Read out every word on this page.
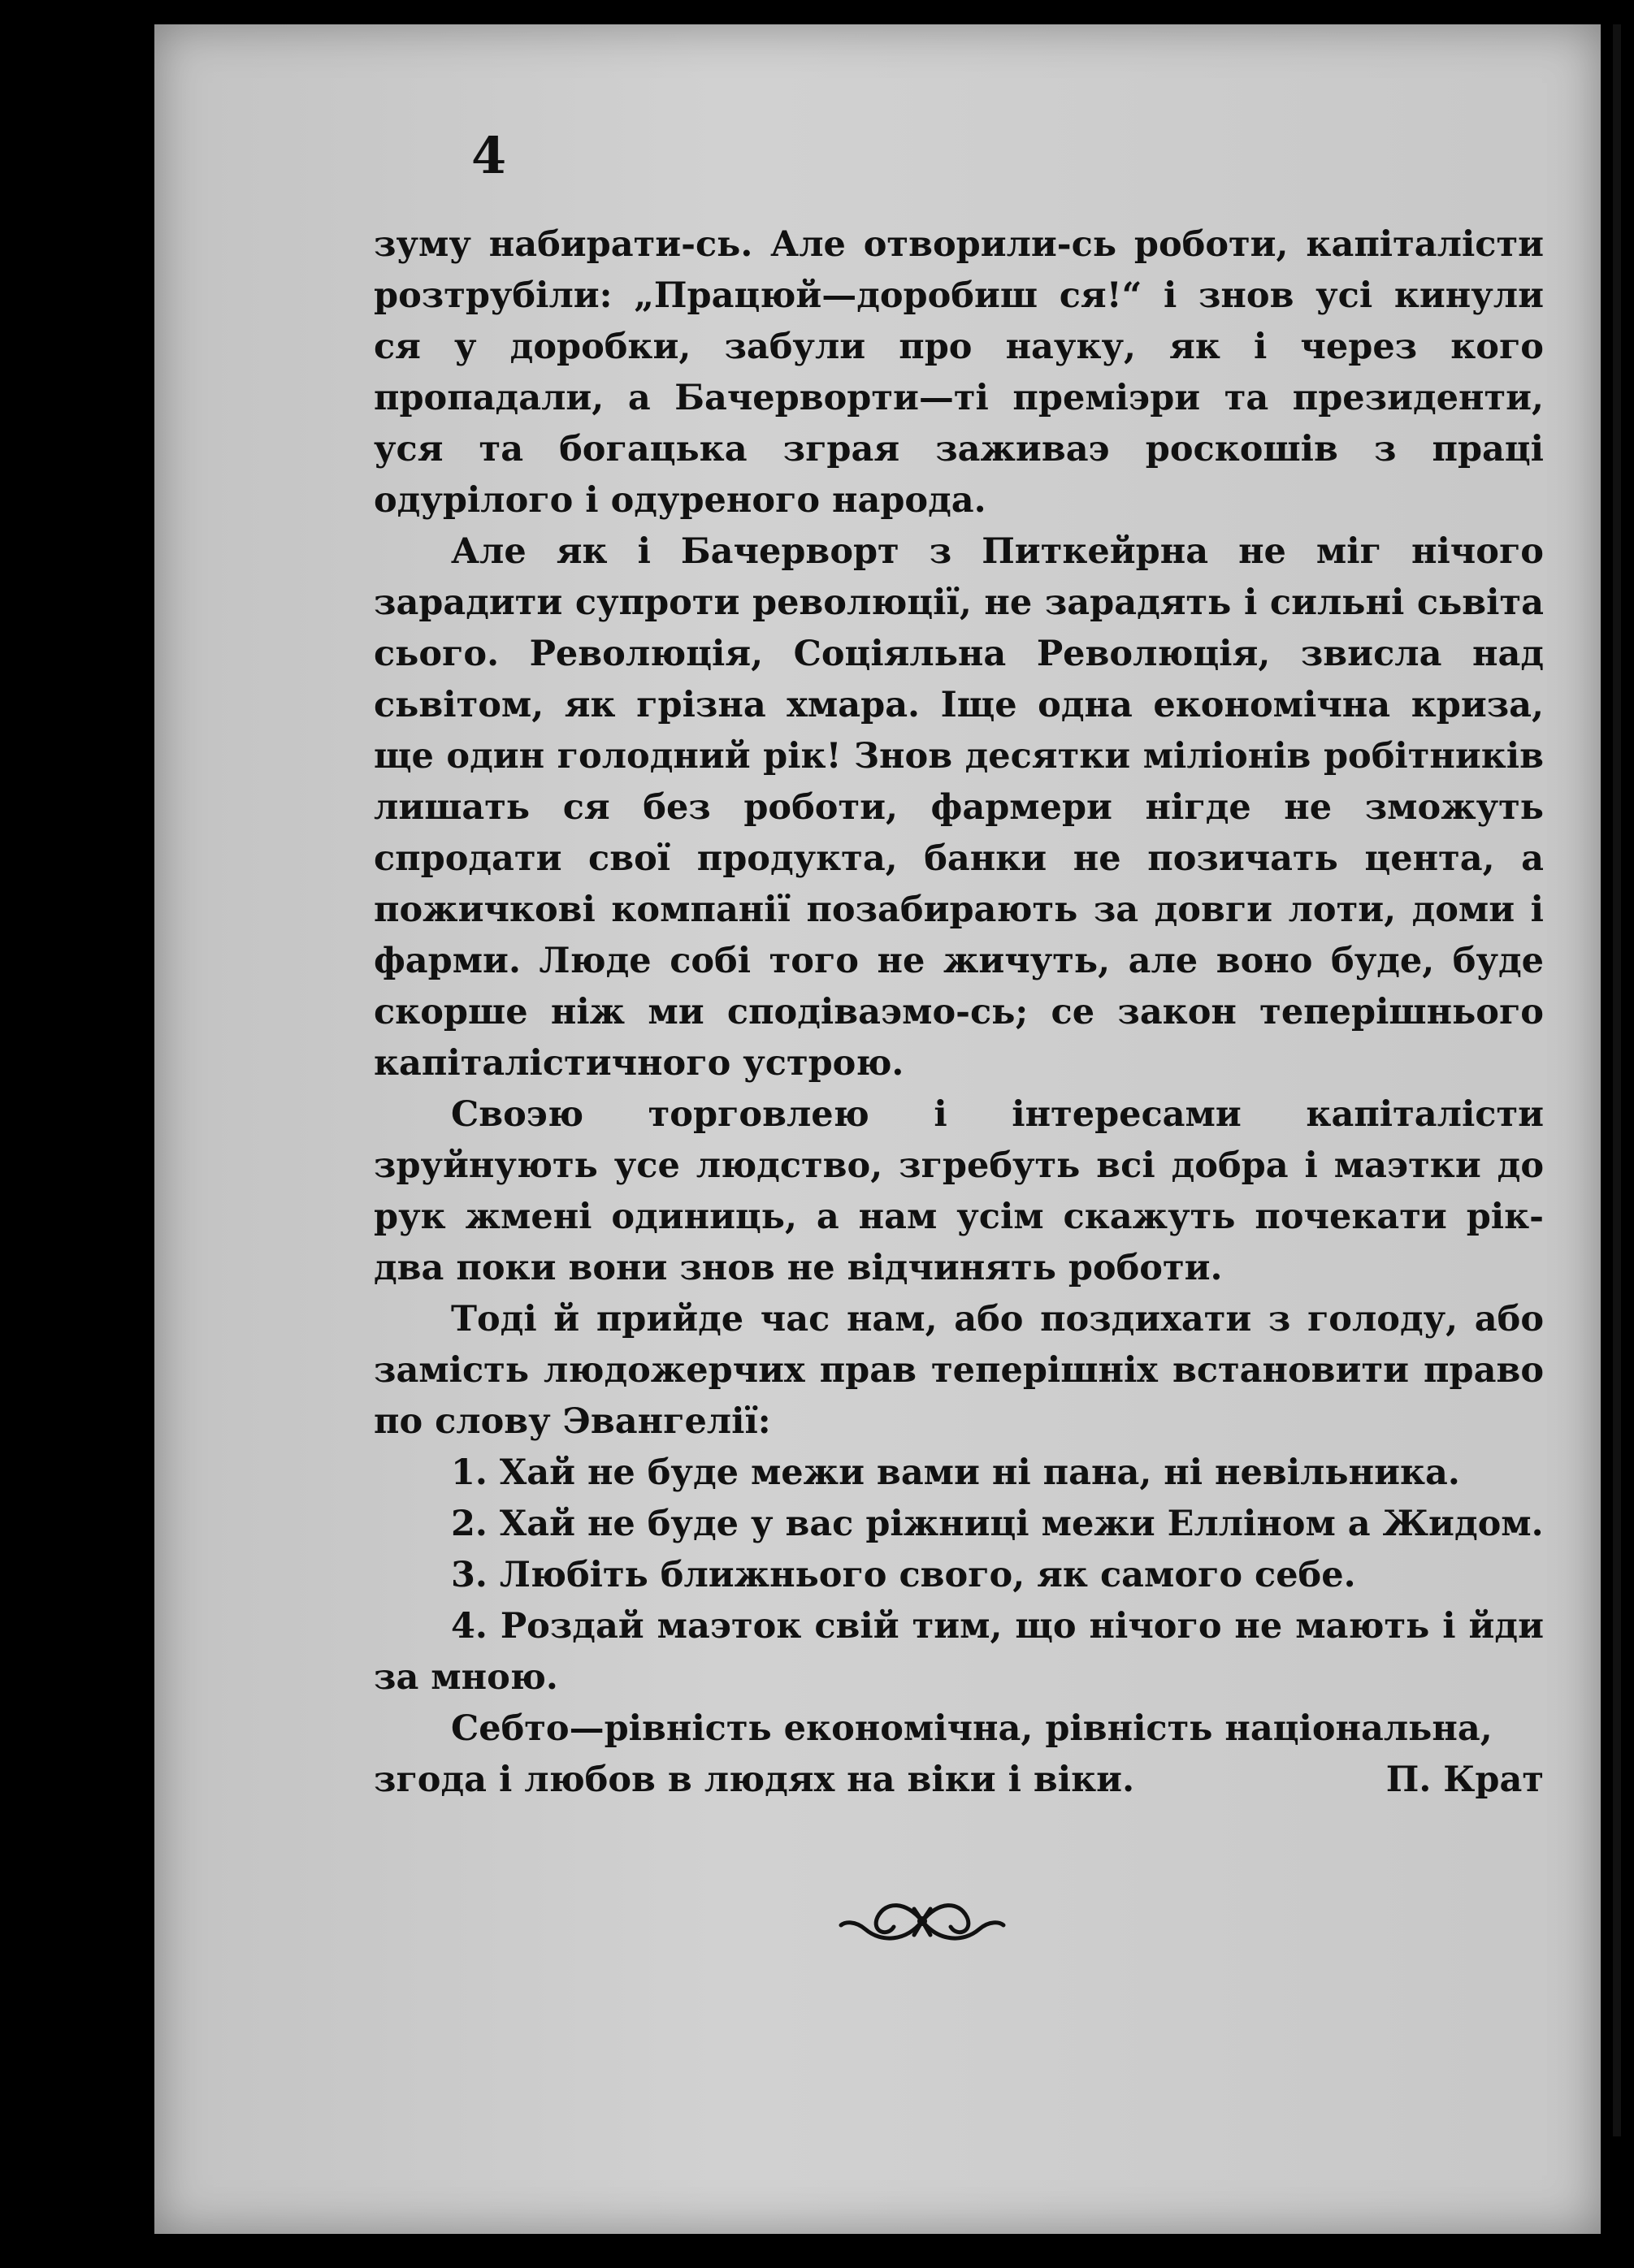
4

зуму набирати-сь. Але отворили-сь роботи, капіталісти розтрубіли: „Працюй—доробиш ся!“ і знов усі кинули ся у доробки, забули про науку, як і через кого пропадали, а Бачерворти—ті преміэри та президенти, уся та богацька зграя зaживаэ роскошів з праці одурілого і одуреного народа.

Але як і Бачерворт з Питкейрна не міг нічого зарадити супроти революції, не зарадять і сильні сьвіта сього. Революція, Соціяльна Революція, звисла над сьвітом, як грізна хмара. Іще одна економічна криза, ще один голодний рік! Знов десятки міліонів робітників лишать ся без роботи, фармери нігде не зможуть спродати свої продукта, банки не позичать цента, а пожичкові компанії позабирають за довги лоти, доми і фарми. Люде собі того не жичуть, але воно буде, буде скорше ніж ми сподіваэмо-сь; се закон теперішнього капіталістичного устрою.

Своэю торговлею і інтересами капіталісти зруйнують усе людство, згребуть всі добра і маэтки до рук жмені одиниць, а нам усім скажуть почекати рік-два поки вони знов не відчинять роботи.

Тоді й прийде час нам, або поздихати з голоду, або замість людожерчих прав теперішніх встановити право по слову Эвангелії:

1. Хай не буде межи вами ні пана, ні невільника.

2. Хай не буде у вас ріжниці межи Елліном а Жидом.

3. Любіть ближнього свого, як самого себе.

4. Роздай маэток свій тим, що нічого не мають і йди за мною.

Себто—рівність економічна, рівність національна,

згода і любов в людях на віки і віки.	П. Крат
